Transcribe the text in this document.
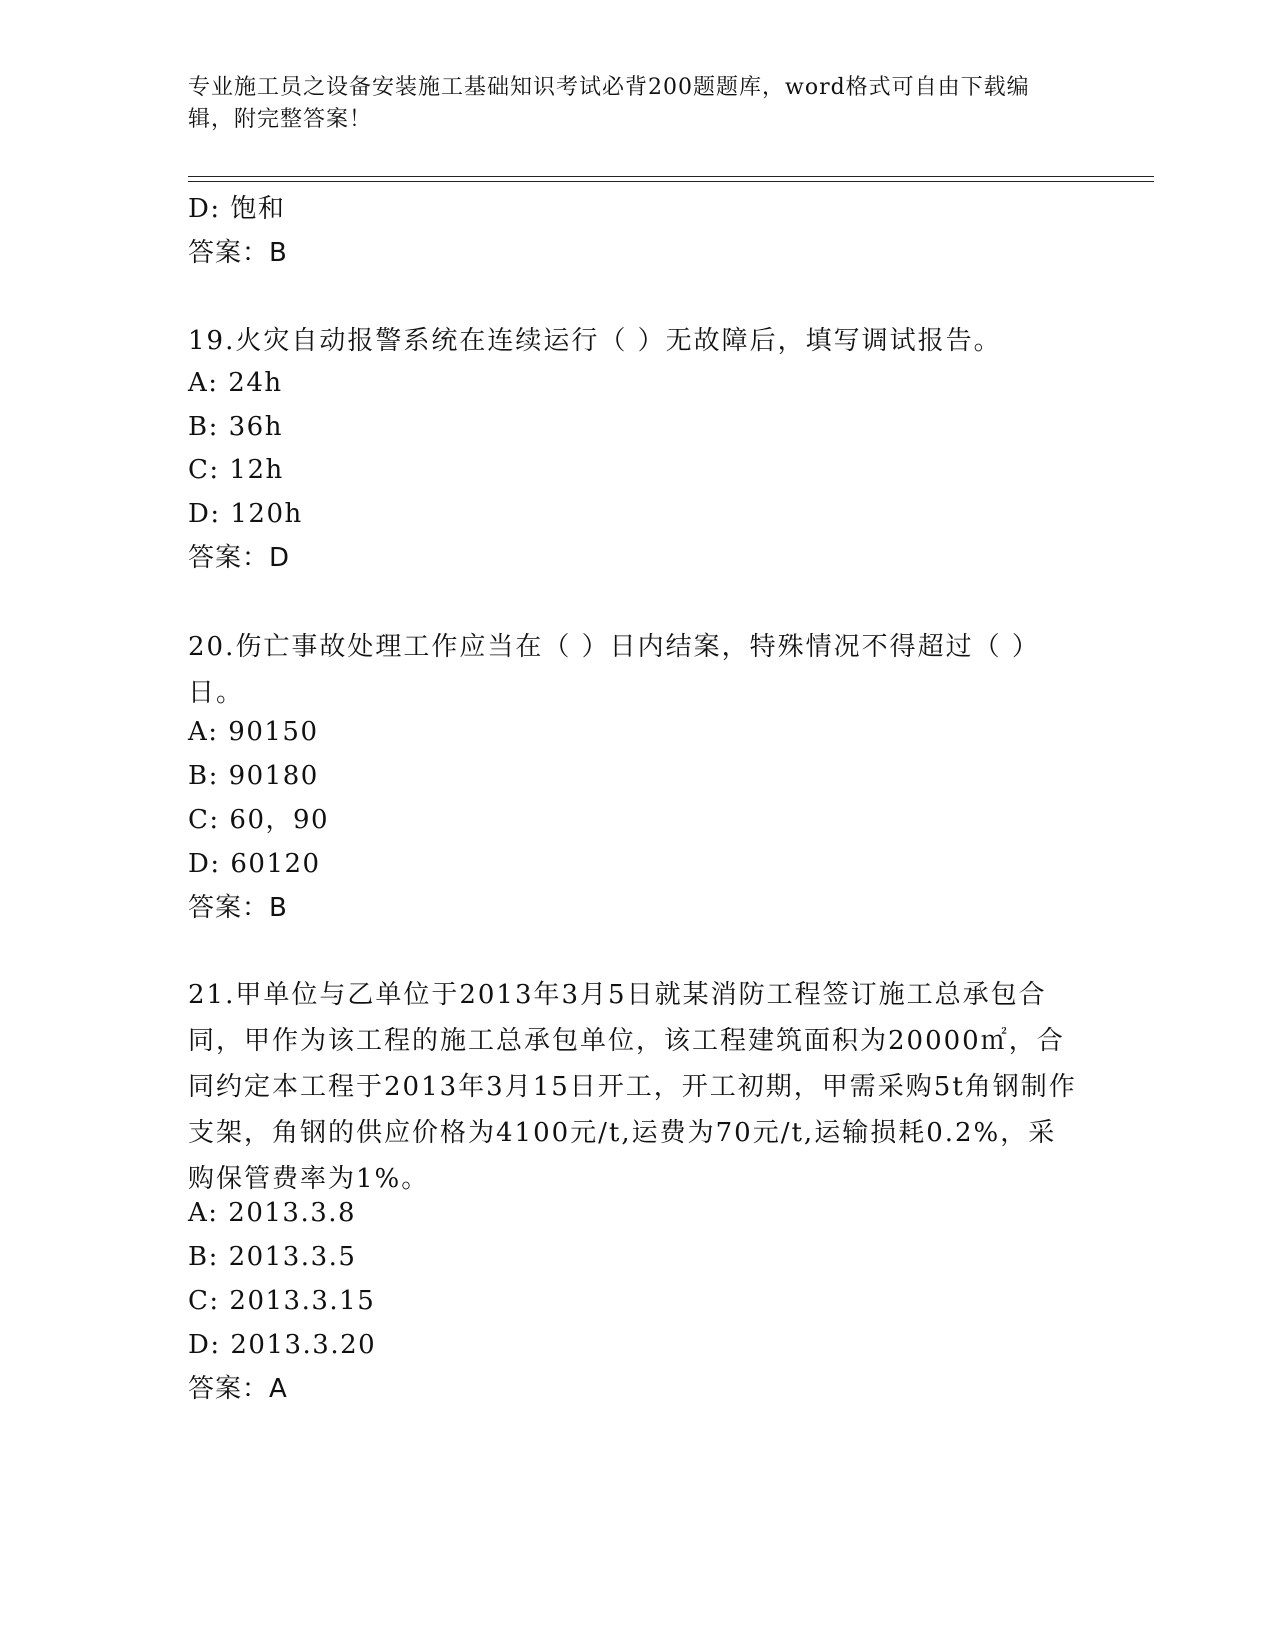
专业施工员之设备安装施工基础知识考试必背200题题库，word格式可自由下载编辑，附完整答案！
D: 饱和
答案：B
19.火灾自动报警系统在连续运行（ ）无故障后，填写调试报告。
A: 24h
B: 36h
C: 12h
D: 120h
答案：D
20.伤亡事故处理工作应当在（ ）日内结案，特殊情况不得超过（ ）日。
A: 90150
B: 90180
C: 60，90
D: 60120
答案：B
21.甲单位与乙单位于2013年3月5日就某消防工程签订施工总承包合同，甲作为该工程的施工总承包单位，该工程建筑面积为20000㎡，合同约定本工程于2013年3月15日开工，开工初期，甲需采购5t角钢制作支架，角钢的供应价格为4100元/t,运费为70元/t,运输损耗0.2%，采购保管费率为1%。
A: 2013.3.8
B: 2013.3.5
C: 2013.3.15
D: 2013.3.20
答案：A
